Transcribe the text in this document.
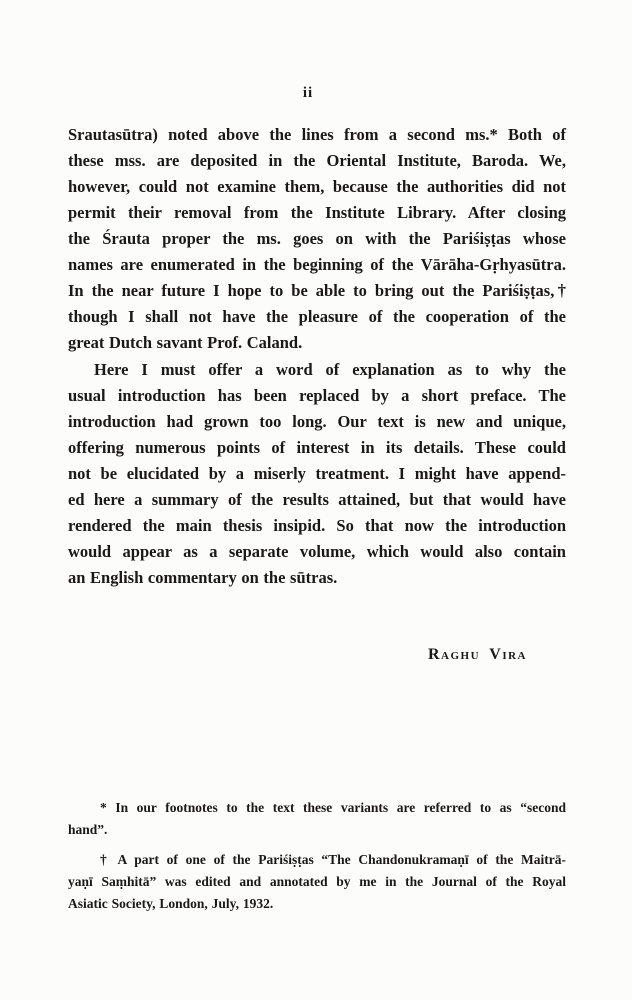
ii
Srautasūtra) noted above the lines from a second ms.* Both of
these mss. are deposited in the Oriental Institute, Baroda. We,
however, could not examine them, because the authorities did not
permit their removal from the Institute Library. After closing
the Śrauta proper the ms. goes on with the Pariśiṣṭas whose
names are enumerated in the beginning of the Vārāha-Gṛhyasūtra.
In the near future I hope to be able to bring out the Pariśiṣṭas,†
though I shall not have the pleasure of the cooperation of the
great Dutch savant Prof. Caland.
Here I must offer a word of explanation as to why the
usual introduction has been replaced by a short preface. The
introduction had grown too long. Our text is new and unique,
offering numerous points of interest in its details. These could
not be elucidated by a miserly treatment. I might have append-
ed here a summary of the results attained, but that would have
rendered the main thesis insipid. So that now the introduction
would appear as a separate volume, which would also contain
an English commentary on the sūtras.
Raghu Vira
* In our footnotes to the text these variants are referred to as “second
hand”.
† A part of one of the Pariśiṣṭas “The Chandonukramaṇī of the Maitrā-
yaṇī Saṃhitā” was edited and annotated by me in the Journal of the Royal
Asiatic Society, London, July, 1932.
